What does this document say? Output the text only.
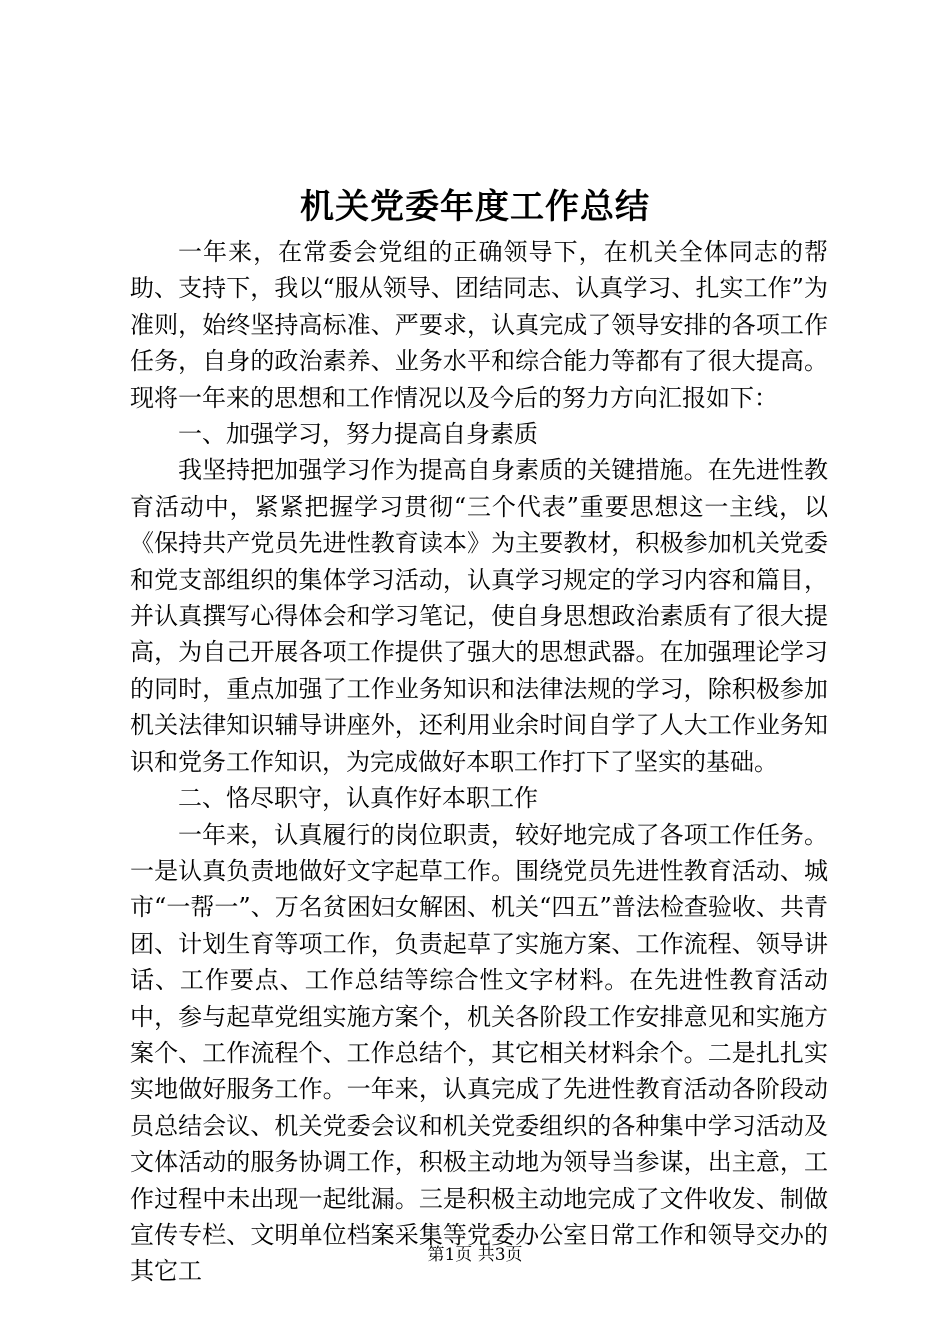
机关党委年度工作总结

一年来，在常委会党组的正确领导下，在机关全体同志的帮助、支持下，我以“服从领导、团结同志、认真学习、扎实工作”为准则，始终坚持高标准、严要求，认真完成了领导安排的各项工作任务，自身的政治素养、业务水平和综合能力等都有了很大提高。现将一年来的思想和工作情况以及今后的努力方向汇报如下：

一、加强学习，努力提高自身素质

我坚持把加强学习作为提高自身素质的关键措施。在先进性教育活动中，紧紧把握学习贯彻“三个代表”重要思想这一主线，以《保持共产党员先进性教育读本》为主要教材，积极参加机关党委和党支部组织的集体学习活动，认真学习规定的学习内容和篇目，并认真撰写心得体会和学习笔记，使自身思想政治素质有了很大提高，为自己开展各项工作提供了强大的思想武器。在加强理论学习的同时，重点加强了工作业务知识和法律法规的学习，除积极参加机关法律知识辅导讲座外，还利用业余时间自学了人大工作业务知识和党务工作知识，为完成做好本职工作打下了坚实的基础。

二、恪尽职守，认真作好本职工作

一年来，认真履行的岗位职责，较好地完成了各项工作任务。一是认真负责地做好文字起草工作。围绕党员先进性教育活动、城市“一帮一”、万名贫困妇女解困、机关“四五”普法检查验收、共青团、计划生育等项工作，负责起草了实施方案、工作流程、领导讲话、工作要点、工作总结等综合性文字材料。在先进性教育活动中，参与起草党组实施方案个，机关各阶段工作安排意见和实施方案个、工作流程个、工作总结个，其它相关材料余个。二是扎扎实实地做好服务工作。一年来，认真完成了先进性教育活动各阶段动员总结会议、机关党委会议和机关党委组织的各种集中学习活动及文体活动的服务协调工作，积极主动地为领导当参谋，出主意，工作过程中未出现一起纰漏。三是积极主动地完成了文件收发、制做宣传专栏、文明单位档案采集等党委办公室日常工作和领导交办的其它工

第1页 共3页
